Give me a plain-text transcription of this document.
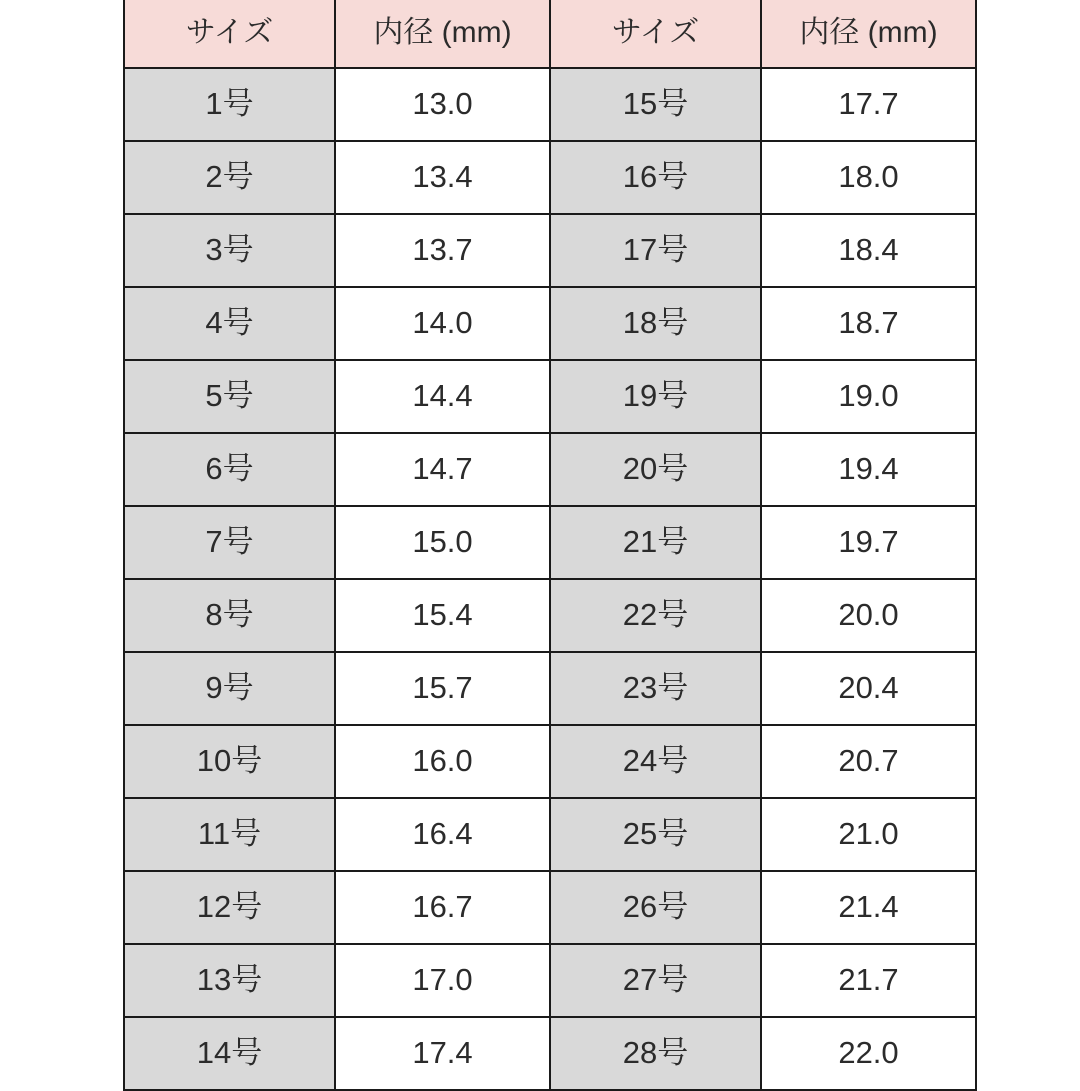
サイズ	内径 (mm)	サイズ	内径 (mm)
1号	13.0	15号	17.7
2号	13.4	16号	18.0
3号	13.7	17号	18.4
4号	14.0	18号	18.7
5号	14.4	19号	19.0
6号	14.7	20号	19.4
7号	15.0	21号	19.7
8号	15.4	22号	20.0
9号	15.7	23号	20.4
10号	16.0	24号	20.7
11号	16.4	25号	21.0
12号	16.7	26号	21.4
13号	17.0	27号	21.7
14号	17.4	28号	22.0
